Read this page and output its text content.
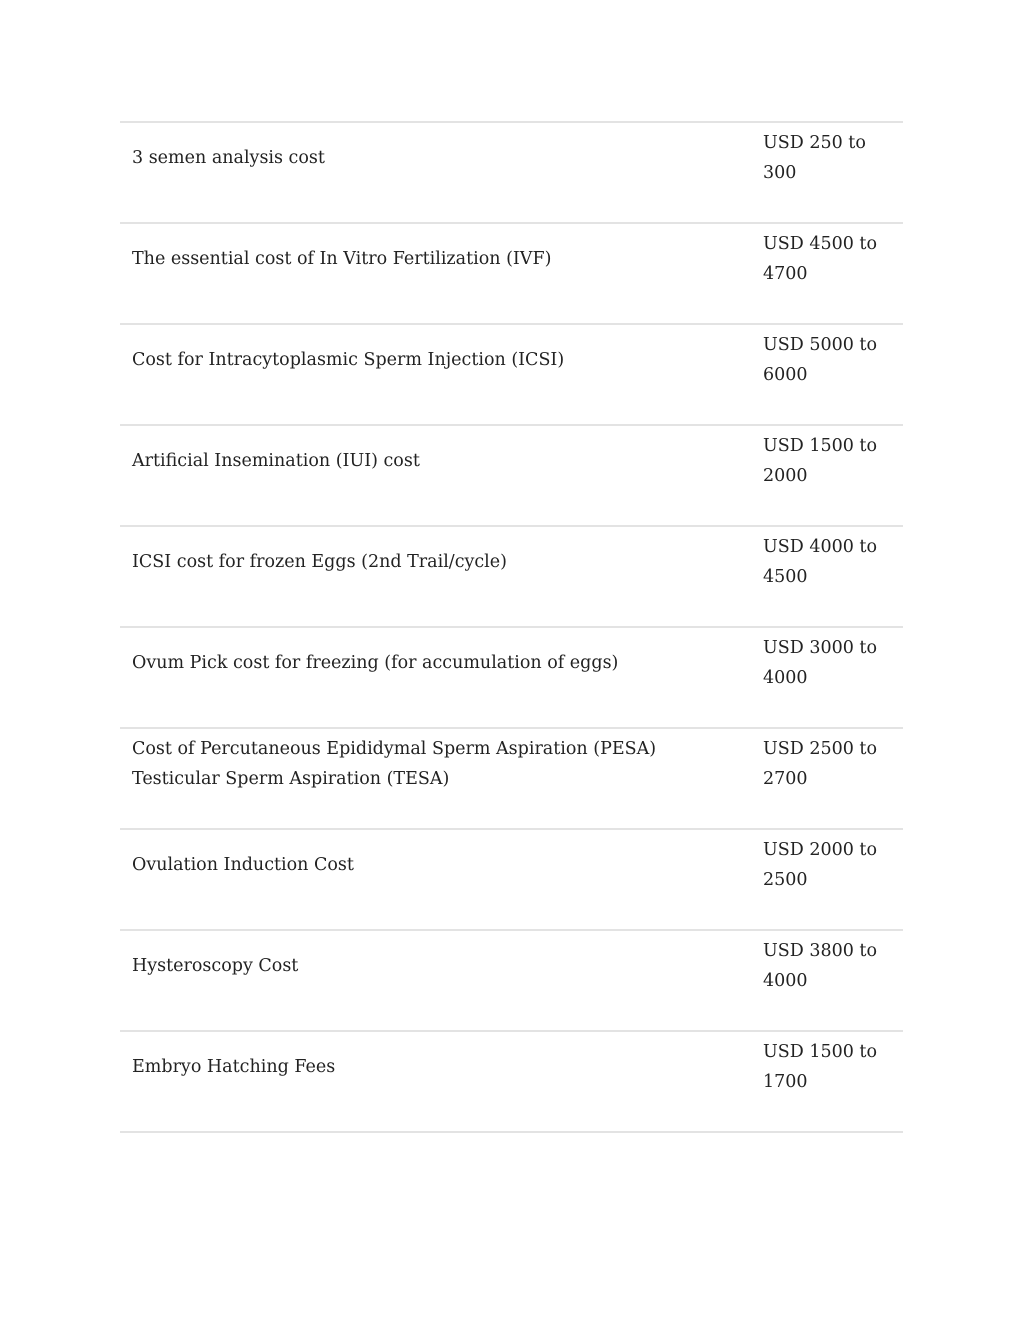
3 semen analysis cost	USD 250 to 300

The essential cost of In Vitro Fertilization (IVF)	USD 4500 to 4700

Cost for Intracytoplasmic Sperm Injection (ICSI)	USD 5000 to 6000

Artificial Insemination (IUI) cost	USD 1500 to 2000

ICSI cost for frozen Eggs (2nd Trail/cycle)	USD 4000 to 4500

Ovum Pick cost for freezing (for accumulation of eggs)	USD 3000 to 4000

Cost of Percutaneous Epididymal Sperm Aspiration (PESA) Testicular Sperm Aspiration (TESA)	USD 2500 to 2700

Ovulation Induction Cost	USD 2000 to 2500

Hysteroscopy Cost	USD 3800 to 4000

Embryo Hatching Fees	USD 1500 to 1700
